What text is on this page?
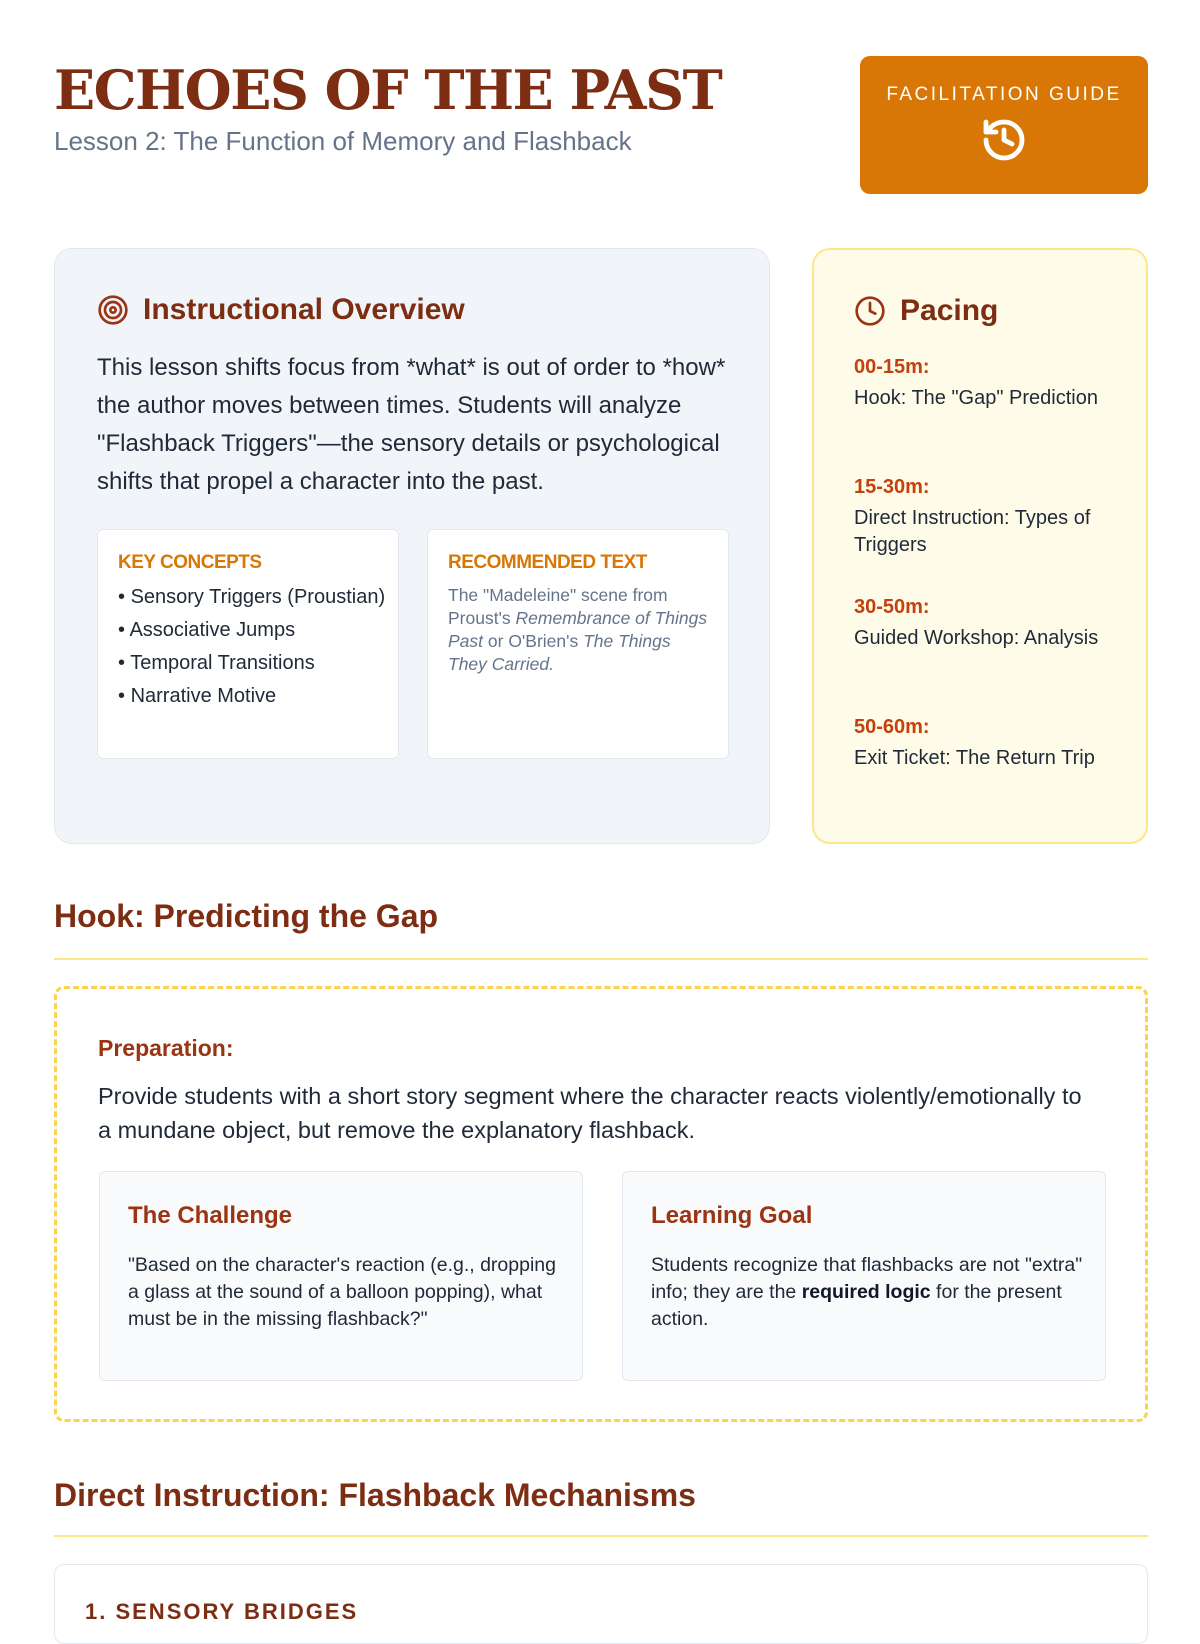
ECHOES OF THE PAST
Lesson 2: The Function of Memory and Flashback
FACILITATION GUIDE
Instructional Overview

This lesson shifts focus from *what* is out of order to *how* the author moves between times. Students will analyze "Flashback Triggers"—the sensory details or psychological shifts that propel a character into the past.

KEY CONCEPTS
• Sensory Triggers (Proustian)
• Associative Jumps
• Temporal Transitions
• Narrative Motive
RECOMMENDED TEXT

The "Madeleine" scene from Proust's Remembrance of Things Past or O'Brien's The Things They Carried.

Pacing
00-15m:
Hook: The "Gap" Prediction
15-30m:
Direct Instruction: Types of Triggers
30-50m:
Guided Workshop: Analysis
50-60m:
Exit Ticket: The Return Trip
Hook: Predicting the Gap
Preparation:

Provide students with a short story segment where the character reacts violently/emotionally to a mundane object, but remove the explanatory flashback.

The Challenge

"Based on the character's reaction (e.g., dropping a glass at the sound of a balloon popping), what must be in the missing flashback?"

Learning Goal

Students recognize that flashbacks are not "extra" info; they are the required logic for the present action.

Direct Instruction: Flashback Mechanisms
1. SENSORY BRIDGES
